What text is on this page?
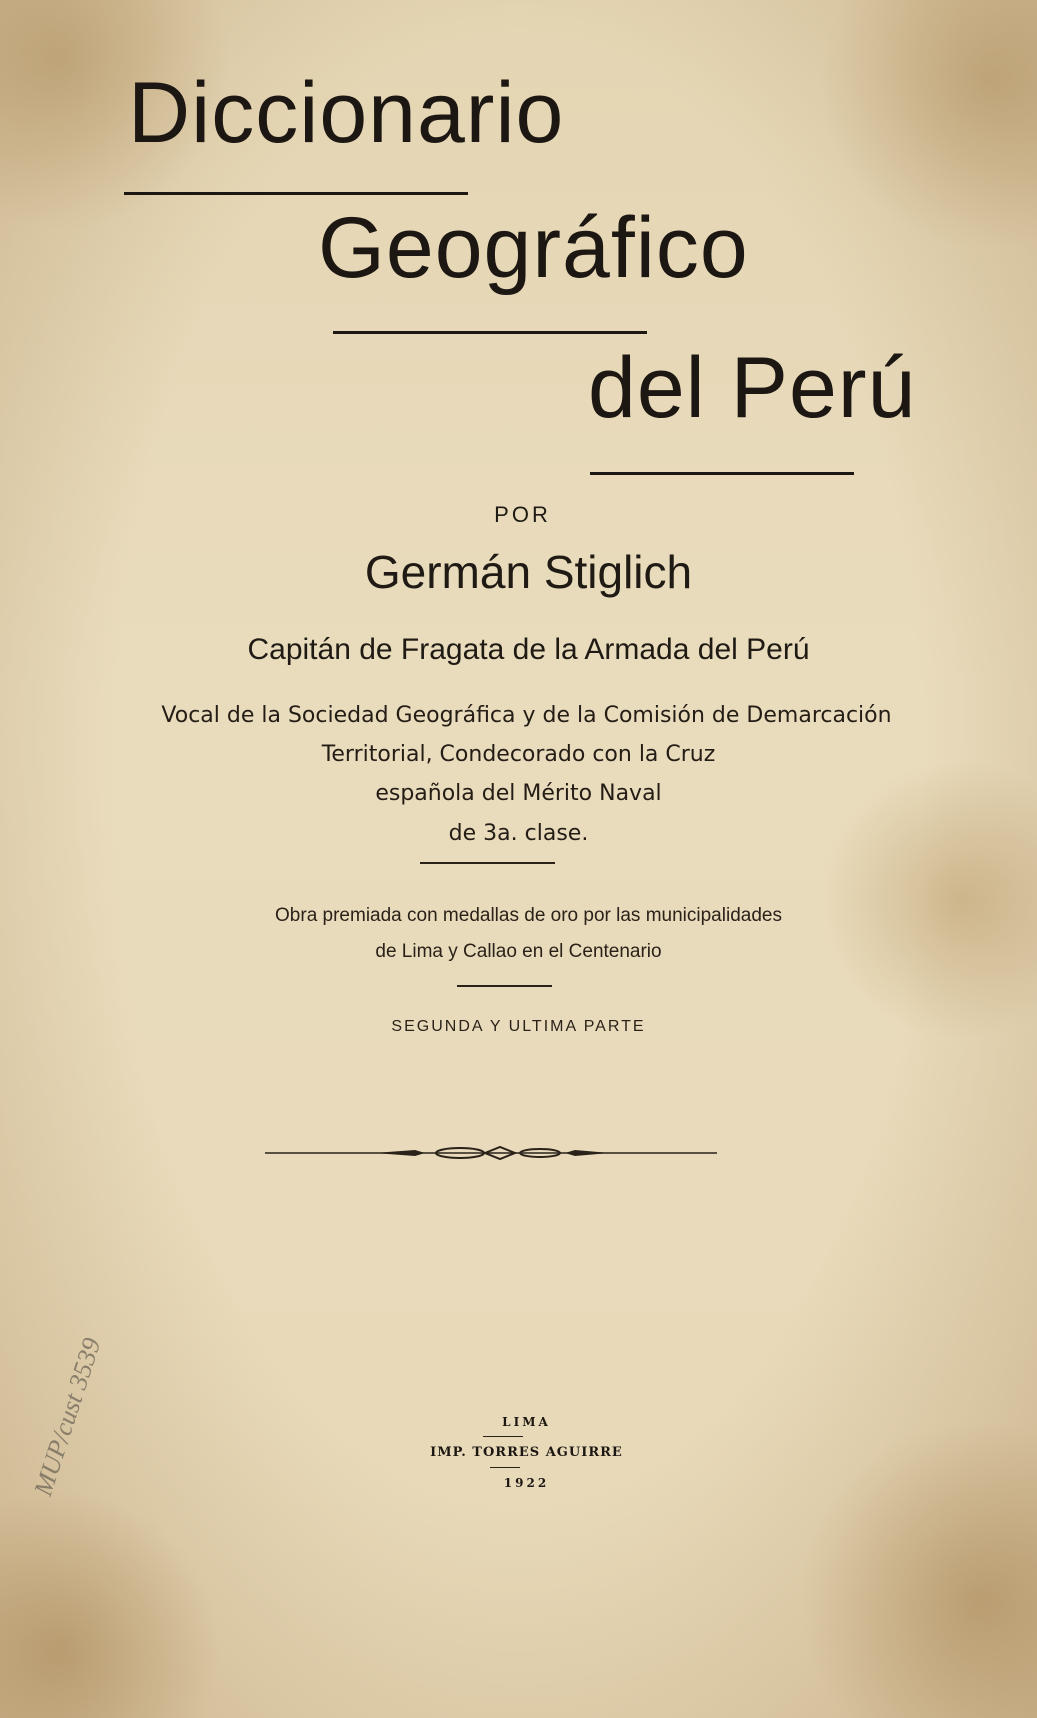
Diccionario
Geográfico
del Perú
POR
Germán Stiglich
Capitán de Fragata de la Armada del Perú
Vocal de la Sociedad Geográfica y de la Comisión de Demarcación
Territorial, Condecorado con la Cruz
española del Mérito Naval
de 3a. clase.
Obra premiada con medallas de oro por las municipalidades
de Lima y Callao en el Centenario
SEGUNDA Y ULTIMA PARTE
LIMA
IMP. TORRES AGUIRRE
1922
MUP/cust 3539
